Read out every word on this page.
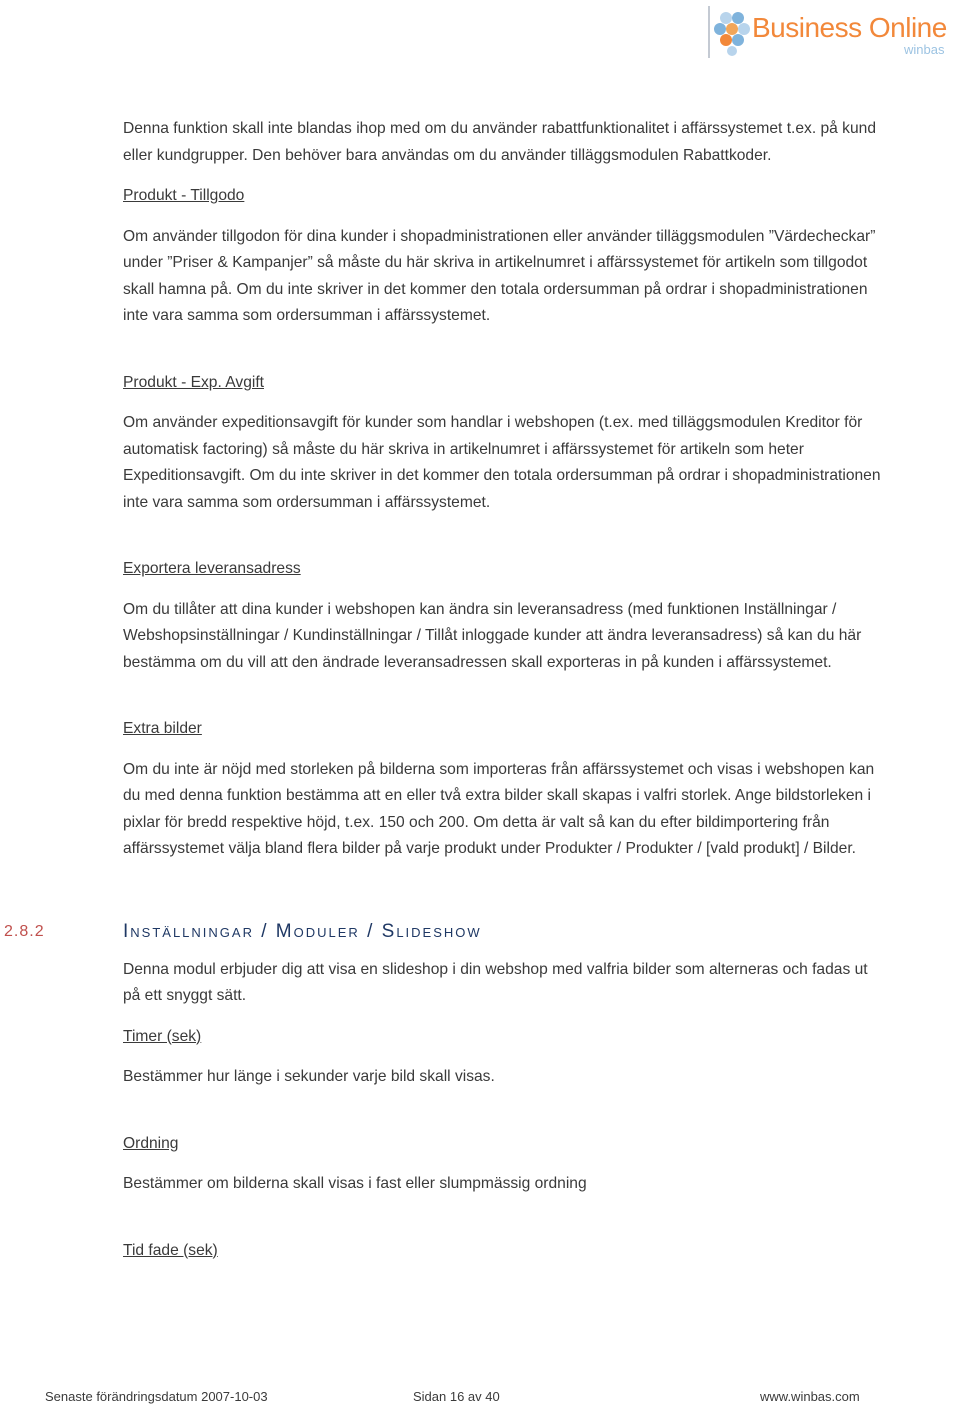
Business Online
winbas

Denna funktion skall inte blandas ihop med om du använder rabattfunktionalitet i affärssystemet t.ex. på kund eller kundgrupper. Den behöver bara användas om du använder tilläggsmodulen Rabattkoder.

Produkt - Tillgodo

Om använder tillgodon för dina kunder i shopadministrationen eller använder tilläggsmodulen ”Värdecheckar” under ”Priser & Kampanjer” så måste du här skriva in artikelnumret i affärssystemet för artikeln som tillgodot skall hamna på. Om du inte skriver in det kommer den totala ordersumman på ordrar i shopadministrationen inte vara samma som ordersumman i affärssystemet.

Produkt - Exp. Avgift

Om använder expeditionsavgift för kunder som handlar i webshopen (t.ex. med tilläggsmodulen Kreditor för automatisk factoring) så måste du här skriva in artikelnumret i affärssystemet för artikeln som heter Expeditionsavgift. Om du inte skriver in det kommer den totala ordersumman på ordrar i shopadministrationen inte vara samma som ordersumman i affärssystemet.

Exportera leveransadress

Om du tillåter att dina kunder i webshopen kan ändra sin leveransadress (med funktionen Inställningar / Webshopsinställningar / Kundinställningar / Tillåt inloggade kunder att ändra leveransadress) så kan du här bestämma om du vill att den ändrade leveransadressen skall exporteras in på kunden i affärssystemet.

Extra bilder

Om du inte är nöjd med storleken på bilderna som importeras från affärssystemet och visas i webshopen kan du med denna funktion bestämma att en eller två extra bilder skall skapas i valfri storlek. Ange bildstorleken i pixlar för bredd respektive höjd, t.ex. 150 och 200. Om detta är valt så kan du efter bildimportering från affärssystemet välja bland flera bilder på varje produkt under Produkter / Produkter / [vald produkt] / Bilder.

2.8.2	Inställningar / Moduler / Slideshow

Denna modul erbjuder dig att visa en slideshop i din webshop med valfria bilder som alterneras och fadas ut på ett snyggt sätt.

Timer (sek)

Bestämmer hur länge i sekunder varje bild skall visas.

Ordning

Bestämmer om bilderna skall visas i fast eller slumpmässig ordning

Tid fade (sek)

Senaste förändringsdatum 2007-10-03	Sidan 16 av 40	www.winbas.com
